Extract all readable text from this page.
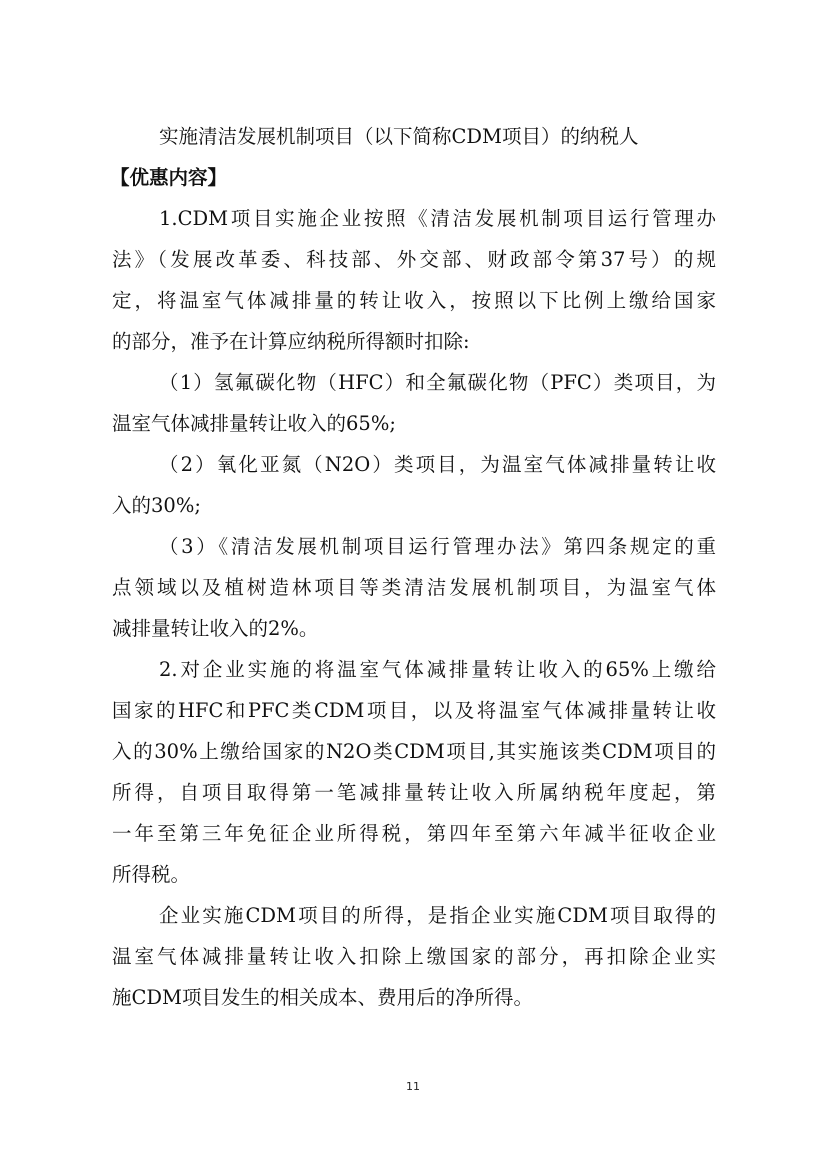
实施清洁发展机制项目（以下简称CDM项目）的纳税人
【优惠内容】
1.CDM项目实施企业按照《清洁发展机制项目运行管理办
法》（发展改革委、科技部、外交部、财政部令第37号）的规
定，将温室气体减排量的转让收入，按照以下比例上缴给国家
的部分，准予在计算应纳税所得额时扣除:
（1）氢氟碳化物（HFC）和全氟碳化物（PFC）类项目，为
温室气体减排量转让收入的65%;
（2）氧化亚氮（N2O）类项目，为温室气体减排量转让收
入的30%;
（3）《清洁发展机制项目运行管理办法》第四条规定的重
点领域以及植树造林项目等类清洁发展机制项目，为温室气体
减排量转让收入的2%。
2.对企业实施的将温室气体减排量转让收入的65%上缴给
国家的HFC和PFC类CDM项目，以及将温室气体减排量转让收
入的30%上缴给国家的N2O类CDM项目,其实施该类CDM项目的
所得，自项目取得第一笔减排量转让收入所属纳税年度起，第
一年至第三年免征企业所得税，第四年至第六年减半征收企业
所得税。
企业实施CDM项目的所得，是指企业实施CDM项目取得的
温室气体减排量转让收入扣除上缴国家的部分，再扣除企业实
施CDM项目发生的相关成本、费用后的净所得。
11
